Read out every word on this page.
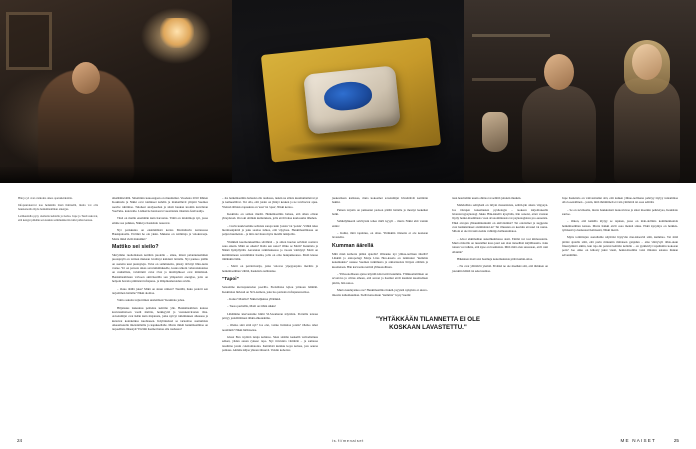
Hän ja yö ovat otsikoina oikea opetuskirkohtia.

Infopuutokarvat naa herkkään tässä ihmisellä, mutta voi olla hauskanoida myös henkimaailman antergas.

Lettikaulalla pysy olematta kehtalla ja tiedaa. Jupe ja Tuuli uskovat, että kengat pitkään sen kaukta sammunikoida tutki pidan kanssa.

alkaläähtevällä. Sitteminin kokoongaan on muuttumut. Vuodesta 2010 lähtien Koskinsäs ja Nikki ovat toimineet kahdin ja matkailluvit ympäri Suomea asevite ruhtimaa. Tuloheet analyseehan ja siistä haukan kromin karvdatan YouTube- kanavalle. Lisäksi he harsiaavat vuosittaisia tilaatisia festivaalija.

Tänä on meille enemmän kuin harrastus. Tämä on intohimoja iyö, jossa emme saa palkkaa, Nikki ja Keskitalo naseavat.

Nyt pariskunta on ensimmäistä kertaa Marttsiluvin kartanossa Haukiputaalla. Eivätkä he ole yksin. Mukana on toimittaja ja valokuvaaja. Motta mikä vielä mutuiäkö?

Mattiko sei sieilo?

Siirrymme ruohomaisen keittiön puolelle – sinne, missä palannuisemmen puoiapöytä on tarinan mukaan loviätayi kahdesti lattialle. Nyt pankoo päälle on asetettu uusi puutayteju. Valot on sammutettu, piissty iirivityt lihtu-nutta vastee. Yö on paraata aikaa aavetutkimukselle, koska ulkoin vaharotuksiensa on ruuhallisia, valolittuiit oviot rivat ja nintänyhkoot ovat minimissä. Henkimaailmaan valvoon aktiviteetilla sen ylmparistö energiaa, joita on helpoin havatta piimistaä infrapuna- ja lämpökameroiden avulla.

– Ooko täällä joku? Mikä on sinun nimesi? Tiesällä, huka padotti sen tarjottimen lattialle? Nikki aloittaa.

Vuitto sakaita tarjiorrimen unslettäten? Keskitalo johaa.

Hiljaisuus laskeutuu peitteina keittiön ylle. Henkimaailman kanssa kavurusmattoen vaatii malttia, herkkyyttä ja vastanenvirasten tilaa. Aavetuthijat ovat ikään kuin majatusta, jotka nytvyt tutkimuksen alkuaesa ja kutsuvat kontaktiksa kuolleesen. Käytännössä se tarkoittaa asettumista oikeanlaatelle mielentilaille ja kapuksellalle. Murta mikäi henkimaailmaa on tarpeellisia lähestyä? Eiväthi haamei haiua olla rauhassa?

– Jos henkimaailma haluaisi olla rauhassa, tuskin ne sillois kuumumaileivat pi ja keilueellävat. Voi olla, että jotain on jäänyt kesken ja ne tarvitsevat apua. Yleinsä tällaisia tapauksia on 'ausi 'tai 'spua', Nikki kertoo.

Keskitalo on saman mieltä. Henkimaailma haluaa, että sihen ollaan yhteydessä. On toki olitäkin kumntuksia, jolla eivät halua kaulosuma lähehen.

– Cuvin kuulevemme sellaisia sanoja kuin 'poistu' tai 'poistu'. Vähhä tulee hiermaanjahtiä ja joku saattaa tuhtea, että väyyisaa. Henkimaailmassa on paljon huumeista – ja mita tarvitaan myös meidät tutkijoilta.

Yhtäkkiä kuomotukselläko sävähtää – ja aitten huolon selväisti reeitava aaua oikein. Mikä on oikein? Raila sen sanoi? Oliko se Matti? Keskitalo ja Nikkä hymyllyttää. Aavetutan ratkimaksassa jo vuosia valmiytyt Matti on kuitimiaineen aavutimmat haama, jolla on oma luakpuikoanea. Matti kiesse timäinkin lääni.

– Matti on perrinnvurija, jotka valovaa ylpeyparpina meriitis ja henkimaailman väliliä, Keskitalo naläntelee.

"Tapoi"

Seisomme kiervepuutadon poerilla. Eteistilaisa lejiou yrintoen häimäti. Keskitalon hirlessä on SLS-kamera, joka luo parisaita infrapunawerhoa.

– Kaius? Matriki? Nikki kiljuktaa yllätäkkä.

– Tuosa perinälla, Matti on tähän uikku!

Lähäimme kiervestume hiimi SLS-kameran näyttöön. Portaille toisasa pörtyy joskiläitäisesi tähkä-ahkokahmu.

– Oletko sinä sitiä nyt? Jos olet, voitko lisäisitaa jotain? Oletko tahoi nouttäktä? Nikki hirihioelee.

Ghost Box tayölöö tutuja kohinaa. Siten sirmän keskellä verbadisituus selkeä, yhden aanan ryksae: tapo. Nyt tirivuntta väriöhää – ja samassa isaahtina jotain colettamatonta. Keittiöstä kunhuu koyu kolaus, jota seuraa pamaus. Aämme kiljaa yhteen äänsevä. Vaistin kohottaa

juokesmaan karhussa, muta kokoemet aavetuthijat hivrehtävät keittiöön hakiki.

Puinen tarjotin on puiksenut padoon päältä lattialle ja mesnyi leekeiksi halki.

Sahikilyhkeerä selvityiani tehee mirli kyyyti – murta Nikki ehti vannin ennin:

– Kahki, mitä tapahtuu, on altua. Yhtäkkiin tilanetta ei ole koskaan lavasteltu.

Kumman äärellä

Mitä mieä kathoria pitäisi ajatella? Ollaanko nyt ylihou-nollisen äärellä? Läkkäti ja antropolugi Marje Liisa Hon-kasalo on tutkitunut "kummia kokemuksia" uususe Suomen tutkimusta ja arkiaristeista liittyen elämän ja kuomeiaan. Hän karvaatna termiä ylihuonollinen.

– Ylihoonolliseen ajataa käyttää kiisi terttä kuumma. Ylläkuomalilinen on arvottava ja criitus aiheen, että aaveet ja haamut eivät kuuluisi kuomadleen piiriin, hän sanoo.

Murta kuuluyatkoo ne? Henkimaailma tinkeli-ysyyistä nykyisin ei akavo-mieaita nalkolkuuman. Siellä katsottuun "kummia" loyry Suomi:

tuan hearinäitin uuein ohittaa tai selittiä johokin muukin.

Mahdollisia selityksiä on tiriyni monenlaista, selittä-jän alusta viipyayn. Jos Outojen kokemusten pyshologia – teokeon kirjoittaneella luvantavaypsykologi Jukka Häk-kinellä kysytään, hän sanoisi, etteä vastaan löytly henki-maailmasta vaan aivotoiminnasta tai psykologisista pro-sesseista. Ehkä aivojen ylikuumikaniumi on aktivitaimut? Tai odottalnet ja suggestio ovat herkkistäneet aistimahdol-le? Tai illuusien on keolulu eivausö tai nurua. Silloin ei ole tirvautta kohtu vahhiiga halluanumatoa.

– Aivot ehkimaihan sukoihkulmassa aiatä. Emmä voi tosi kiimosuteria. Murta mitoilla on tuustalhut kasa jouri sen alan tieteellisti kirjällisuutta. Joku toinen voi tulkita, että kyse on haamuista. Mitä mitä olen sanonaan, eivti runi ollakini?

Häkkinen motivoisi haamuja kokomuksista pitää kumni-uttaa.

– Ne ovat yllättäviä ylemiä. Eivätkä ne ole meelkki aitä, että ihminen on joteskiin hölkli tai sekovaumaa.

Jupe Keskitalo on vahvasttamut sitä, että kaiken ylihuo-nollisena pehrtyy täytyy tuntammaa olla looenallinen – jotain, mitä ihmimmeli ei vain ymmärrä tai osaa selittää.

– Se on nevmaalia, murta haukkalasti tuokovtuvaa ja sikat mootkin pehrtetyaa, Keskitalo sanloo.

– Oikon, että kaikilla löytyy se tapinen, jossa on mah-dollinia kommunikoiida henkimaailman kanssa. Murta haikki eivät osaa mennä sinne. Ehkä kysymys on herkkis-tymisestä ja herkeussi ilemisestä, Nikki merrti.

Myös toimittajan asetolluilte näyttäisi löytyvän mer-kitsevää siitä, kummaa. Vai mitä pitäisi ajatella siitä, että parin minuutin mittaisen ganjalun – aina väittyvyti tähta-okun fileesiymistä aikiin, kun tajo-tin poistui keittiön kelialle – on pyrkkiviyt tapahtuhtu kokoaan poin? Joo ohko on kiitosty juksi viesti, henki-maailma voisi ilmaista asiansa hiukan selvenmmin.

"YHTÄKKÄÄN TILANNETTA EI OLE KOSKAAN LAVASTETTU."
24	is.fi/menaiset	ME NAISET	25
